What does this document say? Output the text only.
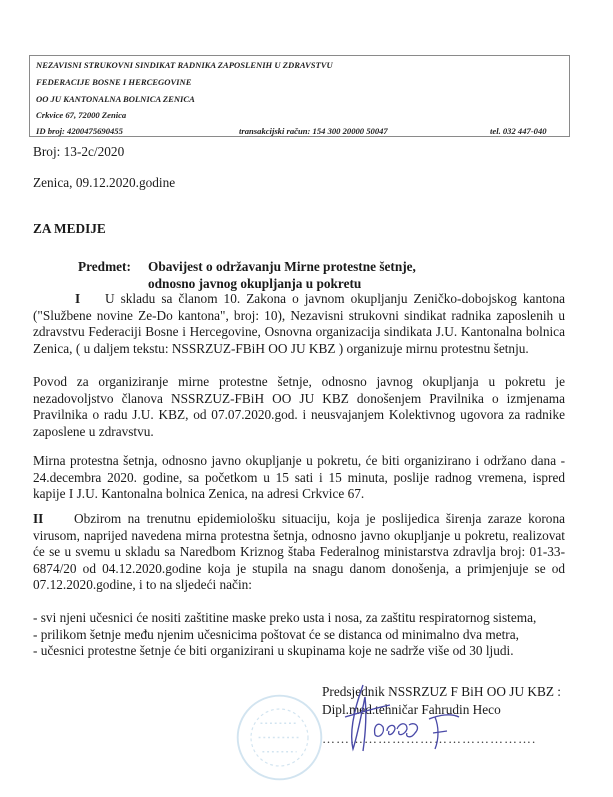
NEZAVISNI STRUKOVNI SINDIKAT RADNIKA ZAPOSLENIH U ZDRAVSTVU
FEDERACIJE BOSNE I HERCEGOVINE
OO JU KANTONALNA BOLNICA ZENICA
Crkvice 67, 72000 Zenica
ID broj: 4200475690455	transakcijski račun: 154 300 20000 50047	tel. 032 447-040
Broj: 13-2c/2020
Zenica, 09.12.2020.godine
ZA MEDIJE
Predmet: Obavijest o održavanju Mirne protestne šetnje,
odnosno javnog okupljanja u pokretu
I U skladu sa članom 10. Zakona o javnom okupljanju Zeničko-dobojskog kantona ("Službene novine Ze-Do kantona", broj: 10), Nezavisni strukovni sindikat radnika zaposlenih u zdravstvu Federaciji Bosne i Hercegovine, Osnovna organizacija sindikata J.U. Kantonalna bolnica Zenica, ( u daljem tekstu: NSSRZUZ-FBiH OO JU KBZ ) organizuje mirnu protestnu šetnju.
Povod za organiziranje mirne protestne šetnje, odnosno javnog okupljanja u pokretu je nezadovoljstvo članova NSSRZUZ-FBiH OO JU KBZ donošenjem Pravilnika o izmjenama Pravilnika o radu J.U. KBZ, od 07.07.2020.god. i neusvajanjem Kolektivnog ugovora za radnike zaposlene u zdravstvu.
Mirna protestna šetnja, odnosno javno okupljanje u pokretu, će biti organizirano i održano dana - 24.decembra 2020. godine, sa početkom u 15 sati i 15 minuta, poslije radnog vremena, ispred kapije I J.U. Kantonalna bolnica Zenica, na adresi Crkvice 67.
II Obzirom na trenutnu epidemiološku situaciju, koja je poslijedica širenja zaraze korona virusom, naprijed navedena mirna protestna šetnja, odnosno javno okupljanje u pokretu, realizovat će se u svemu u skladu sa Naredbom Kriznog štaba Federalnog ministarstva zdravlja broj: 01-33-6874/20 od 04.12.2020.godine koja je stupila na snagu danom donošenja, a primjenjuje se od 07.12.2020.godine, i to na sljedeći način:
- svi njeni učesnici će nositi zaštitine maske preko usta i nosa, za zaštitu respiratornog sistema,
- prilikom šetnje među njenim učesnicima poštovat će se distanca od minimalno dva metra,
- učesnici protestne šetnje će biti organizirani u skupinama koje ne sadrže više od 30 ljudi.
Predsjednik NSSRZUZ F BiH OO JU KBZ :
Dipl.med.tehničar Fahrudin Heco
……………………………………….
